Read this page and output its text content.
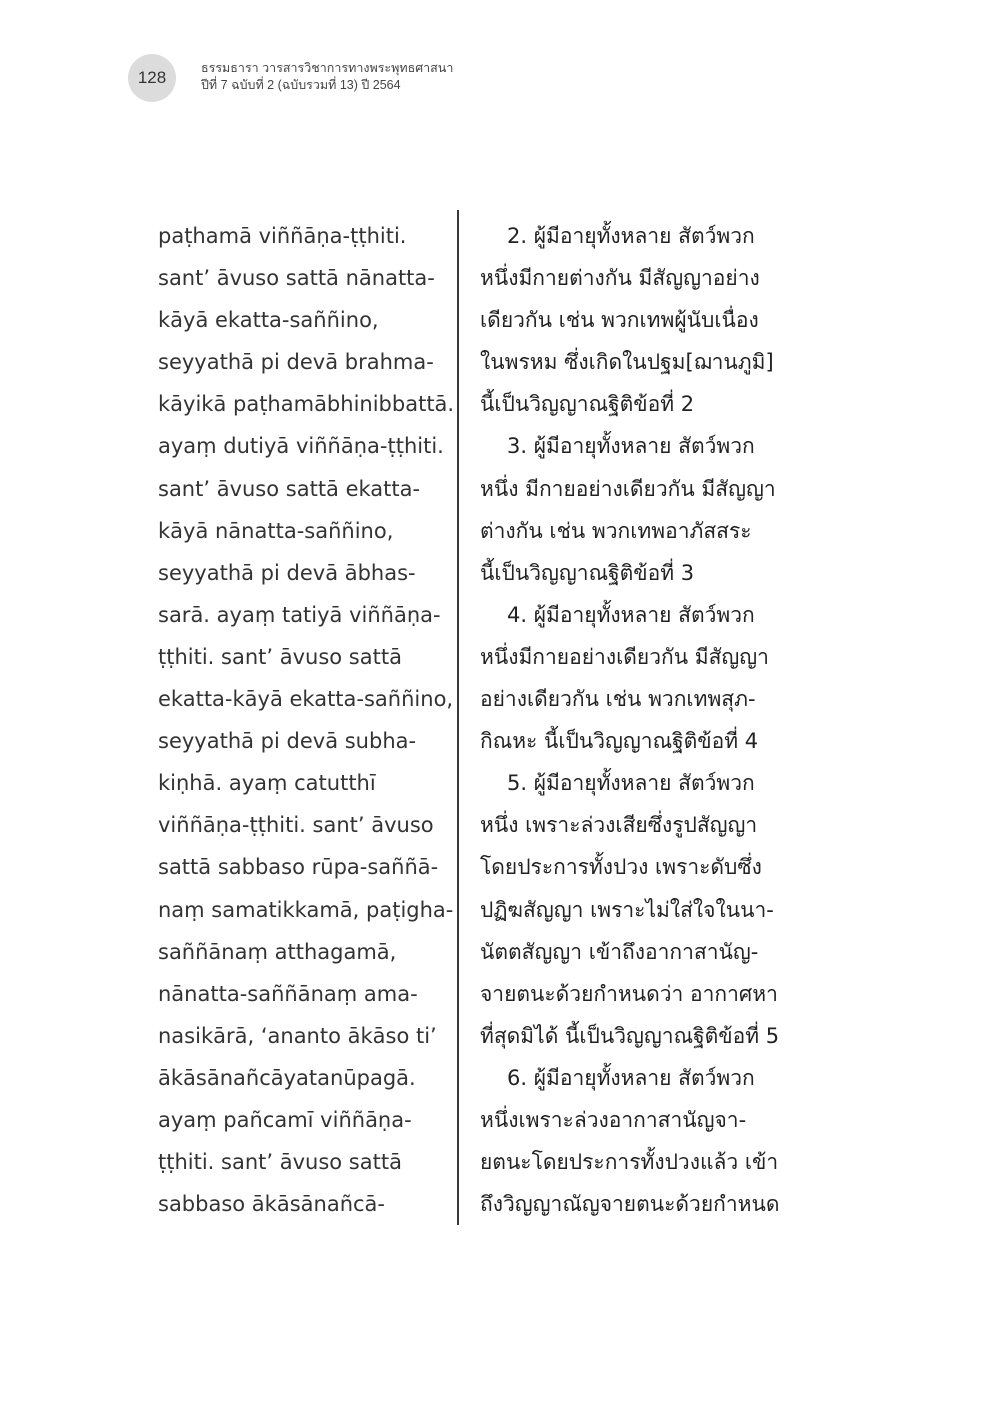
128	ธรรมธารา วารสารวิชาการทางพระพุทธศาสนา
ปีที่ 7 ฉบับที่ 2 (ฉบับรวมที่ 13) ปี 2564
paṭhamā viññāṇa-ṭṭhiti.
sant’ āvuso sattā nānatta-
kāyā ekatta-saññino,
seyyathā pi devā brahma-
kāyikā paṭhamābhinibbattā.
ayaṃ dutiyā viññāṇa-ṭṭhiti.
sant’ āvuso sattā ekatta-
kāyā nānatta-saññino,
seyyathā pi devā ābhas-
sarā. ayaṃ tatiyā viññāṇa-
ṭṭhiti. sant’ āvuso sattā
ekatta-kāyā ekatta-saññino,
seyyathā pi devā subha-
kiṇhā. ayaṃ catutthī
viññāṇa-ṭṭhiti. sant’ āvuso
sattā sabbaso rūpa-saññā-
naṃ samatikkamā, paṭigha-
saññānaṃ atthagamā,
nānatta-saññānaṃ ama-
nasikārā, ‘ananto ākāso ti’
ākāsānañcāyatanūpagā.
ayaṃ pañcamī viññāṇa-
ṭṭhiti. sant’ āvuso sattā
sabbaso ākāsānañcā-
2. ผู้มีอายุทั้งหลาย สัตว์พวก
หนึ่งมีกายต่างกัน มีสัญญาอย่าง
เดียวกัน เช่น พวกเทพผู้นับเนื่อง
ในพรหม ซึ่งเกิดในปฐม[ฌานภูมิ]
นี้เป็นวิญญาณฐิติข้อที่ 2
3. ผู้มีอายุทั้งหลาย สัตว์พวก
หนึ่ง มีกายอย่างเดียวกัน มีสัญญา
ต่างกัน เช่น พวกเทพอาภัสสระ
นี้เป็นวิญญาณฐิติข้อที่ 3
4. ผู้มีอายุทั้งหลาย สัตว์พวก
หนึ่งมีกายอย่างเดียวกัน มีสัญญา
อย่างเดียวกัน เช่น พวกเทพสุภ-
กิณหะ นี้เป็นวิญญาณฐิติข้อที่ 4
5. ผู้มีอายุทั้งหลาย สัตว์พวก
หนึ่ง เพราะล่วงเสียซึ่งรูปสัญญา
โดยประการทั้งปวง เพราะดับซึ่ง
ปฏิฆสัญญา เพราะไม่ใส่ใจในนา-
นัตตสัญญา เข้าถึงอากาสานัญ-
จายตนะด้วยกำหนดว่า อากาศหา
ที่สุดมิได้ นี้เป็นวิญญาณฐิติข้อที่ 5
6. ผู้มีอายุทั้งหลาย สัตว์พวก
หนึ่งเพราะล่วงอากาสานัญจา-
ยตนะโดยประการทั้งปวงแล้ว เข้า
ถึงวิญญาณัญจายตนะด้วยกำหนด
